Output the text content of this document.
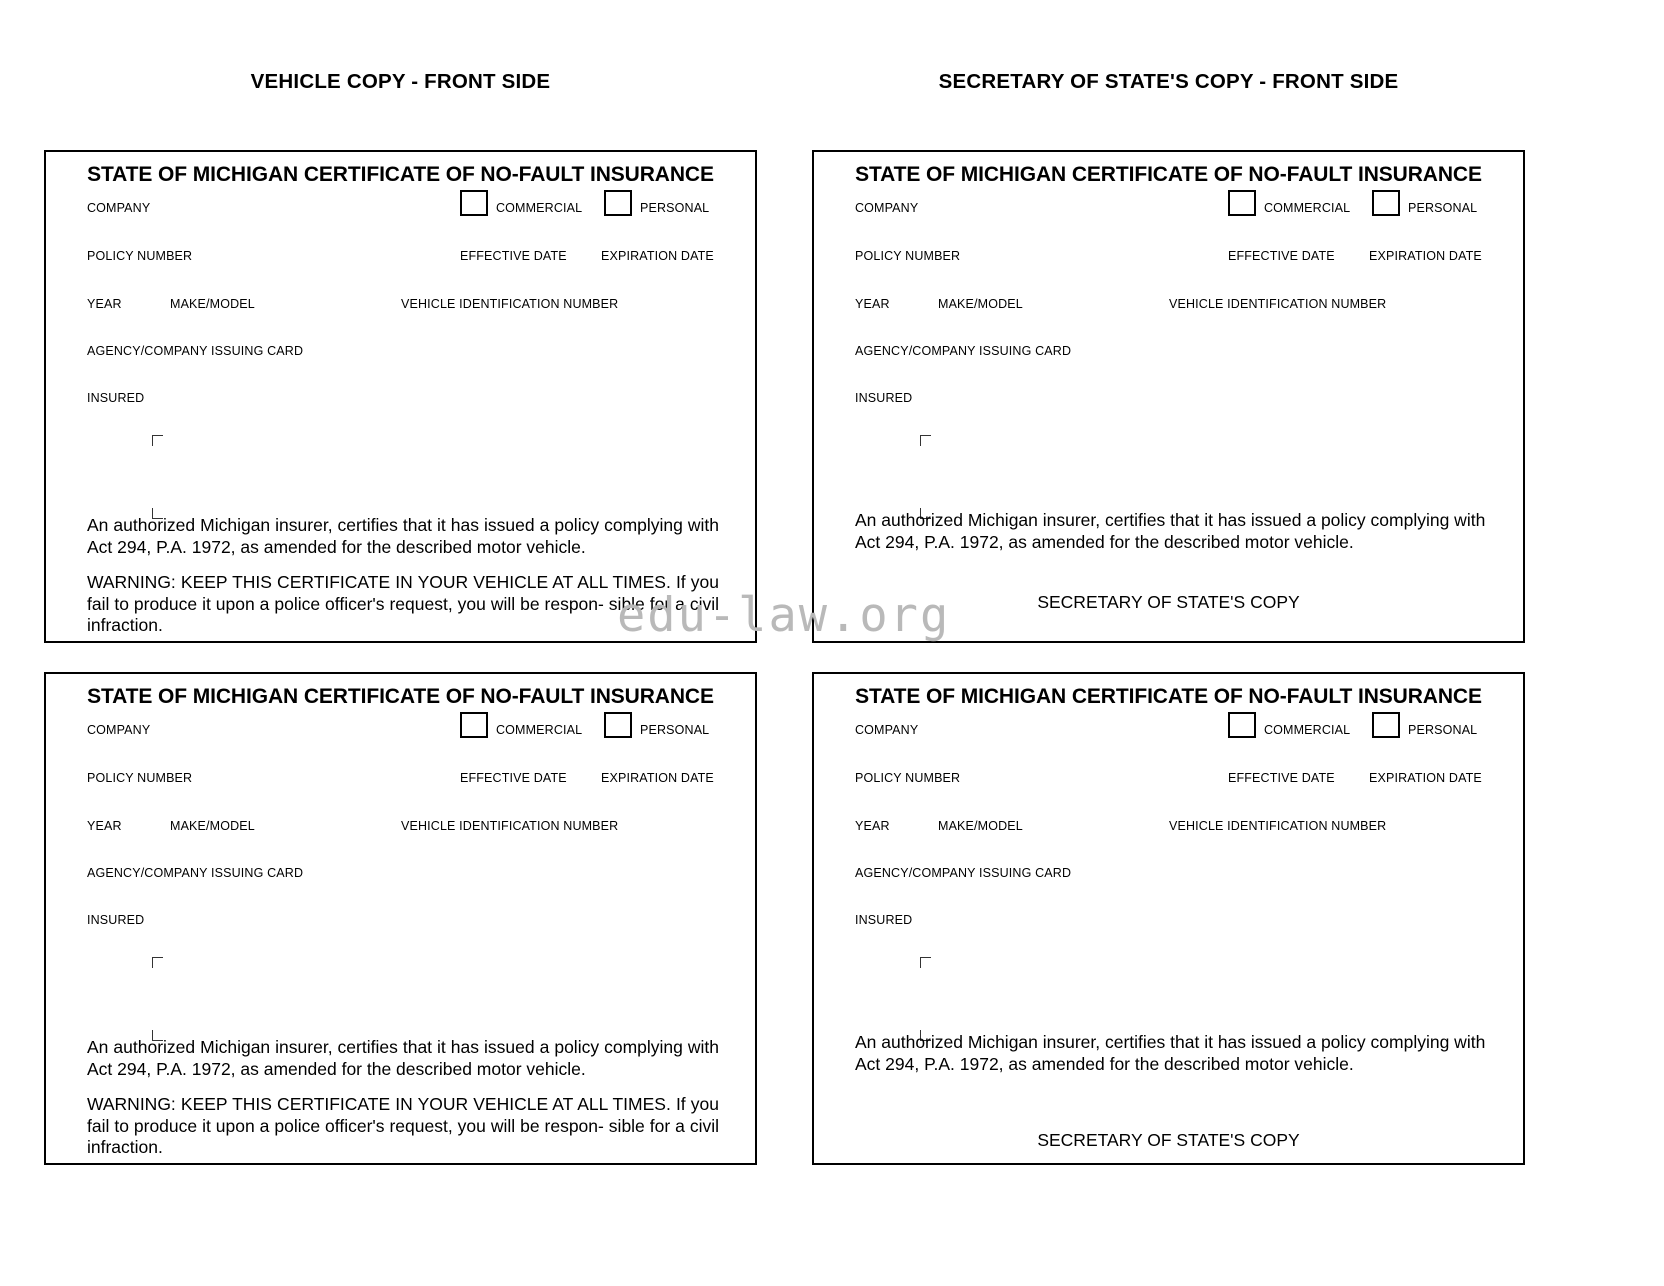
VEHICLE COPY - FRONT SIDE	SECRETARY OF STATE'S COPY - FRONT SIDE
STATE OF MICHIGAN CERTIFICATE OF NO-FAULT INSURANCE
COMPANY	COMMERCIAL	PERSONAL
POLICY NUMBER	EFFECTIVE DATE	EXPIRATION DATE
YEAR	MAKE/MODEL	VEHICLE IDENTIFICATION NUMBER
AGENCY/COMPANY ISSUING CARD
INSURED
An authorized Michigan insurer, certifies that it has issued a policy complying with Act 294, P.A. 1972, as amended for the described motor vehicle.
WARNING: KEEP THIS CERTIFICATE IN YOUR VEHICLE AT ALL TIMES. If you fail to produce it upon a police officer's request, you will be respon- sible for a civil infraction.
STATE OF MICHIGAN CERTIFICATE OF NO-FAULT INSURANCE
COMPANY	COMMERCIAL	PERSONAL
POLICY NUMBER	EFFECTIVE DATE	EXPIRATION DATE
YEAR	MAKE/MODEL	VEHICLE IDENTIFICATION NUMBER
AGENCY/COMPANY ISSUING CARD
INSURED
An authorized Michigan insurer, certifies that it has issued a policy complying with Act 294, P.A. 1972, as amended for the described motor vehicle.
SECRETARY OF STATE'S COPY
STATE OF MICHIGAN CERTIFICATE OF NO-FAULT INSURANCE
COMPANY	COMMERCIAL	PERSONAL
POLICY NUMBER	EFFECTIVE DATE	EXPIRATION DATE
YEAR	MAKE/MODEL	VEHICLE IDENTIFICATION NUMBER
AGENCY/COMPANY ISSUING CARD
INSURED
An authorized Michigan insurer, certifies that it has issued a policy complying with Act 294, P.A. 1972, as amended for the described motor vehicle.
WARNING: KEEP THIS CERTIFICATE IN YOUR VEHICLE AT ALL TIMES. If you fail to produce it upon a police officer's request, you will be respon- sible for a civil infraction.
STATE OF MICHIGAN CERTIFICATE OF NO-FAULT INSURANCE
COMPANY	COMMERCIAL	PERSONAL
POLICY NUMBER	EFFECTIVE DATE	EXPIRATION DATE
YEAR	MAKE/MODEL	VEHICLE IDENTIFICATION NUMBER
AGENCY/COMPANY ISSUING CARD
INSURED
An authorized Michigan insurer, certifies that it has issued a policy complying with Act 294, P.A. 1972, as amended for the described motor vehicle.
SECRETARY OF STATE'S COPY
edu-law.org
